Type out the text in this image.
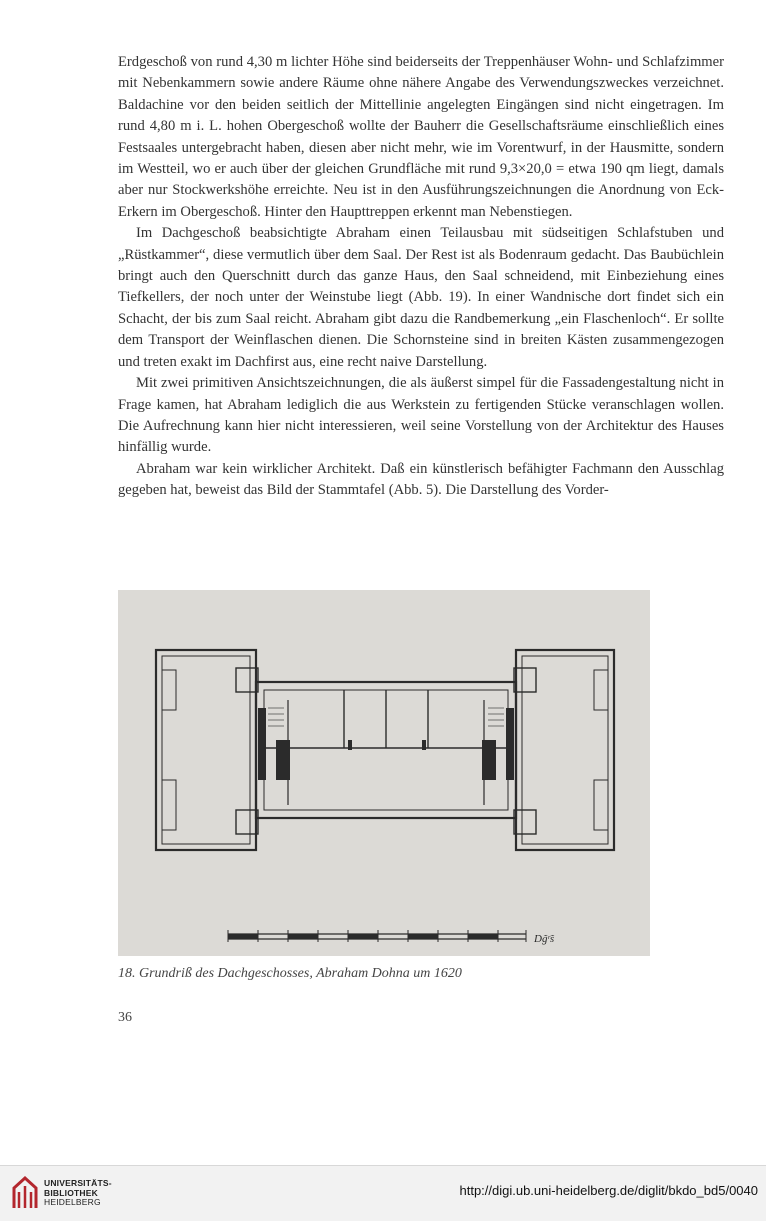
Erdgeschoß von rund 4,30 m lichter Höhe sind beiderseits der Treppenhäuser Wohn- und Schlafzimmer mit Nebenkammern sowie andere Räume ohne nähere Angabe des Verwendungszweckes verzeichnet. Baldachine vor den beiden seitlich der Mittellinie angelegten Eingängen sind nicht eingetragen. Im rund 4,80 m i. L. hohen Obergeschoß wollte der Bauherr die Gesellschaftsräume einschließlich eines Festsaales untergebracht haben, diesen aber nicht mehr, wie im Vorentwurf, in der Hausmitte, sondern im Westteil, wo er auch über der gleichen Grundfläche mit rund 9,3×20,0 = etwa 190 qm liegt, damals aber nur Stockwerkshöhe erreichte. Neu ist in den Ausführungszeichnungen die Anordnung von Eck-Erkern im Obergeschoß. Hinter den Haupttreppen erkennt man Nebenstiegen.

Im Dachgeschoß beabsichtigte Abraham einen Teilausbau mit südseitigen Schlafstuben und „Rüstkammer“, diese vermutlich über dem Saal. Der Rest ist als Bodenraum gedacht. Das Baubüchlein bringt auch den Querschnitt durch das ganze Haus, den Saal schneidend, mit Einbeziehung eines Tiefkellers, der noch unter der Weinstube liegt (Abb. 19). In einer Wandnische dort findet sich ein Schacht, der bis zum Saal reicht. Abraham gibt dazu die Randbemerkung „ein Flaschenloch“. Er sollte dem Transport der Weinflaschen dienen. Die Schornsteine sind in breiten Kästen zusammengezogen und treten exakt im Dachfirst aus, eine recht naive Darstellung.

Mit zwei primitiven Ansichtszeichnungen, die als äußerst simpel für die Fassadengestaltung nicht in Frage kamen, hat Abraham lediglich die aus Werkstein zu fertigenden Stücke veranschlagen wollen. Die Aufrechnung kann hier nicht interessieren, weil seine Vorstellung von der Architektur des Hauses hinfällig wurde.

Abraham war kein wirklicher Architekt. Daß ein künstlerisch befähigter Fachmann den Ausschlag gegeben hat, beweist das Bild der Stammtafel (Abb. 5). Die Darstellung des Vorder-

Dg̃ʳ̃s
18. Grundriß des Dachgeschosses, Abraham Dohna um 1620
36
UNIVERSITÄTS-
BIBLIOTHEK
HEIDELBERG
http://digi.ub.uni-heidelberg.de/diglit/bkdo_bd5/0040
